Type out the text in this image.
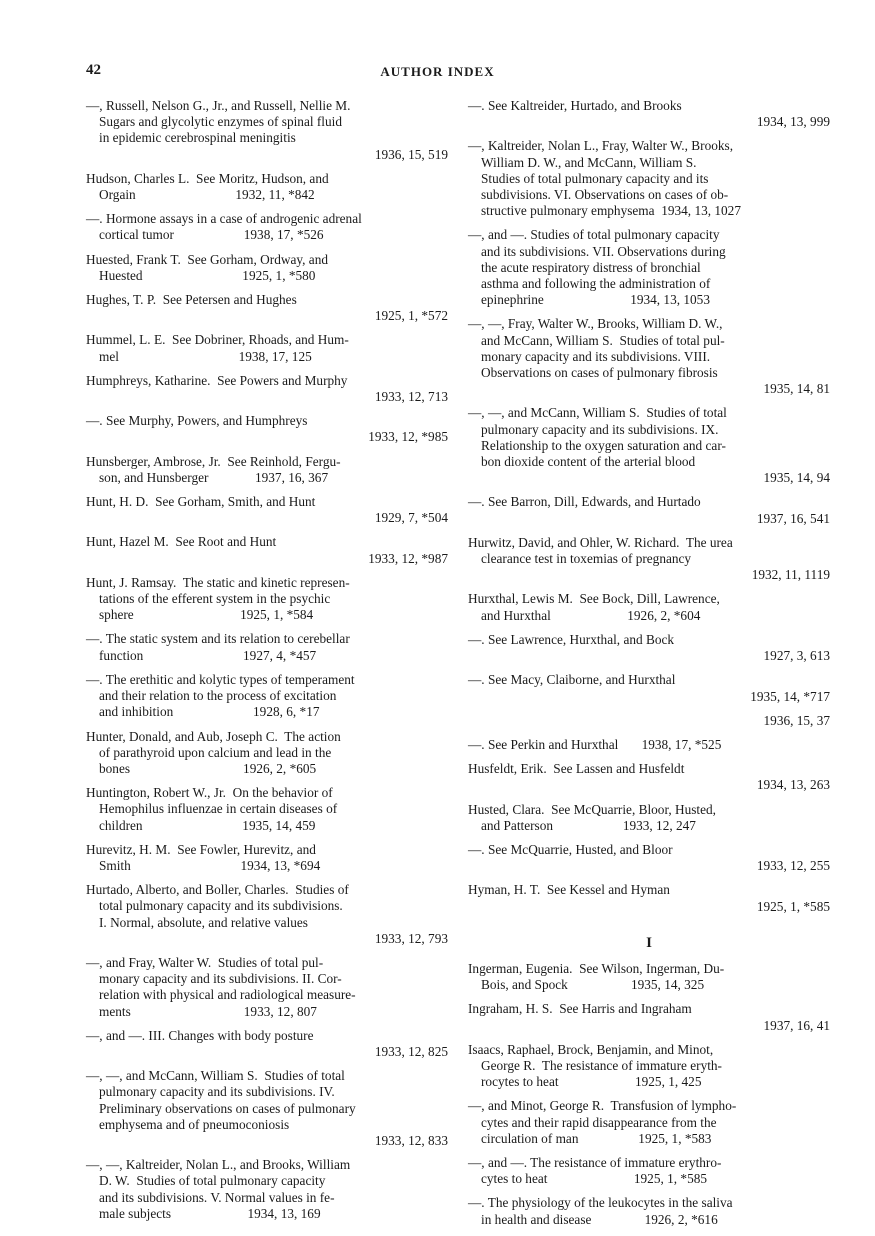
42	AUTHOR INDEX
—, Russell, Nelson G., Jr., and Russell, Nellie M.
Sugars and glycolytic enzymes of spinal fluid
in epidemic cerebrospinal meningitis
1936, 15, 519
Hudson, Charles L.  See Moritz, Hudson, and
Orgain                              1932, 11, *842
—. Hormone assays in a case of androgenic adrenal
cortical tumor                     1938, 17, *526
Huested, Frank T.  See Gorham, Ordway, and
Huested                              1925, 1, *580
Hughes, T. P.  See Petersen and Hughes
1925, 1, *572
Hummel, L. E.  See Dobriner, Rhoads, and Hum-
mel                                    1938, 17, 125
Humphreys, Katharine.  See Powers and Murphy
1933, 12, 713
—. See Murphy, Powers, and Humphreys
1933, 12, *985
Hunsberger, Ambrose, Jr.  See Reinhold, Fergu-
son, and Hunsberger              1937, 16, 367
Hunt, H. D.  See Gorham, Smith, and Hunt
1929, 7, *504
Hunt, Hazel M.  See Root and Hunt
1933, 12, *987
Hunt, J. Ramsay.  The static and kinetic represen-
tations of the efferent system in the psychic
sphere                                1925, 1, *584
—. The static system and its relation to cerebellar
function                              1927, 4, *457
—. The erethitic and kolytic types of temperament
and their relation to the process of excitation
and inhibition                        1928, 6, *17
Hunter, Donald, and Aub, Joseph C.  The action
of parathyroid upon calcium and lead in the
bones                                  1926, 2, *605
Huntington, Robert W., Jr.  On the behavior of
Hemophilus influenzae in certain diseases of
children                              1935, 14, 459
Hurevitz, H. M.  See Fowler, Hurevitz, and
Smith                                 1934, 13, *694
Hurtado, Alberto, and Boller, Charles.  Studies of
total pulmonary capacity and its subdivisions.
I. Normal, absolute, and relative values
1933, 12, 793
—, and Fray, Walter W.  Studies of total pul-
monary capacity and its subdivisions. II. Cor-
relation with physical and radiological measure-
ments                                  1933, 12, 807
—, and —. III. Changes with body posture
1933, 12, 825
—, —, and McCann, William S.  Studies of total
pulmonary capacity and its subdivisions. IV.
Preliminary observations on cases of pulmonary
emphysema and of pneumoconiosis
1933, 12, 833
—, —, Kaltreider, Nolan L., and Brooks, William
D. W.  Studies of total pulmonary capacity
and its subdivisions. V. Normal values in fe-
male subjects                       1934, 13, 169
—. See Kaltreider, Hurtado, and Brooks
1934, 13, 999
—, Kaltreider, Nolan L., Fray, Walter W., Brooks,
William D. W., and McCann, William S.
Studies of total pulmonary capacity and its
subdivisions. VI. Observations on cases of ob-
structive pulmonary emphysema  1934, 13, 1027
—, and —. Studies of total pulmonary capacity
and its subdivisions. VII. Observations during
the acute respiratory distress of bronchial
asthma and following the administration of
epinephrine                          1934, 13, 1053
—, —, Fray, Walter W., Brooks, William D. W.,
and McCann, William S.  Studies of total pul-
monary capacity and its subdivisions. VIII.
Observations on cases of pulmonary fibrosis
1935, 14, 81
—, —, and McCann, William S.  Studies of total
pulmonary capacity and its subdivisions. IX.
Relationship to the oxygen saturation and car-
bon dioxide content of the arterial blood
1935, 14, 94
—. See Barron, Dill, Edwards, and Hurtado
1937, 16, 541
Hurwitz, David, and Ohler, W. Richard.  The urea
clearance test in toxemias of pregnancy
1932, 11, 1119
Hurxthal, Lewis M.  See Bock, Dill, Lawrence,
and Hurxthal                       1926, 2, *604
—. See Lawrence, Hurxthal, and Bock
1927, 3, 613
—. See Macy, Claiborne, and Hurxthal
1935, 14, *717
1936, 15, 37
—. See Perkin and Hurxthal       1938, 17, *525
Husfeldt, Erik.  See Lassen and Husfeldt
1934, 13, 263
Husted, Clara.  See McQuarrie, Bloor, Husted,
and Patterson                     1933, 12, 247
—. See McQuarrie, Husted, and Bloor
1933, 12, 255
Hyman, H. T.  See Kessel and Hyman
1925, 1, *585
I
Ingerman, Eugenia.  See Wilson, Ingerman, Du-
Bois, and Spock                   1935, 14, 325
Ingraham, H. S.  See Harris and Ingraham
1937, 16, 41
Isaacs, Raphael, Brock, Benjamin, and Minot,
George R.  The resistance of immature eryth-
rocytes to heat                       1925, 1, 425
—, and Minot, George R.  Transfusion of lympho-
cytes and their rapid disappearance from the
circulation of man                  1925, 1, *583
—, and —. The resistance of immature erythro-
cytes to heat                          1925, 1, *585
—. The physiology of the leukocytes in the saliva
in health and disease                1926, 2, *616
